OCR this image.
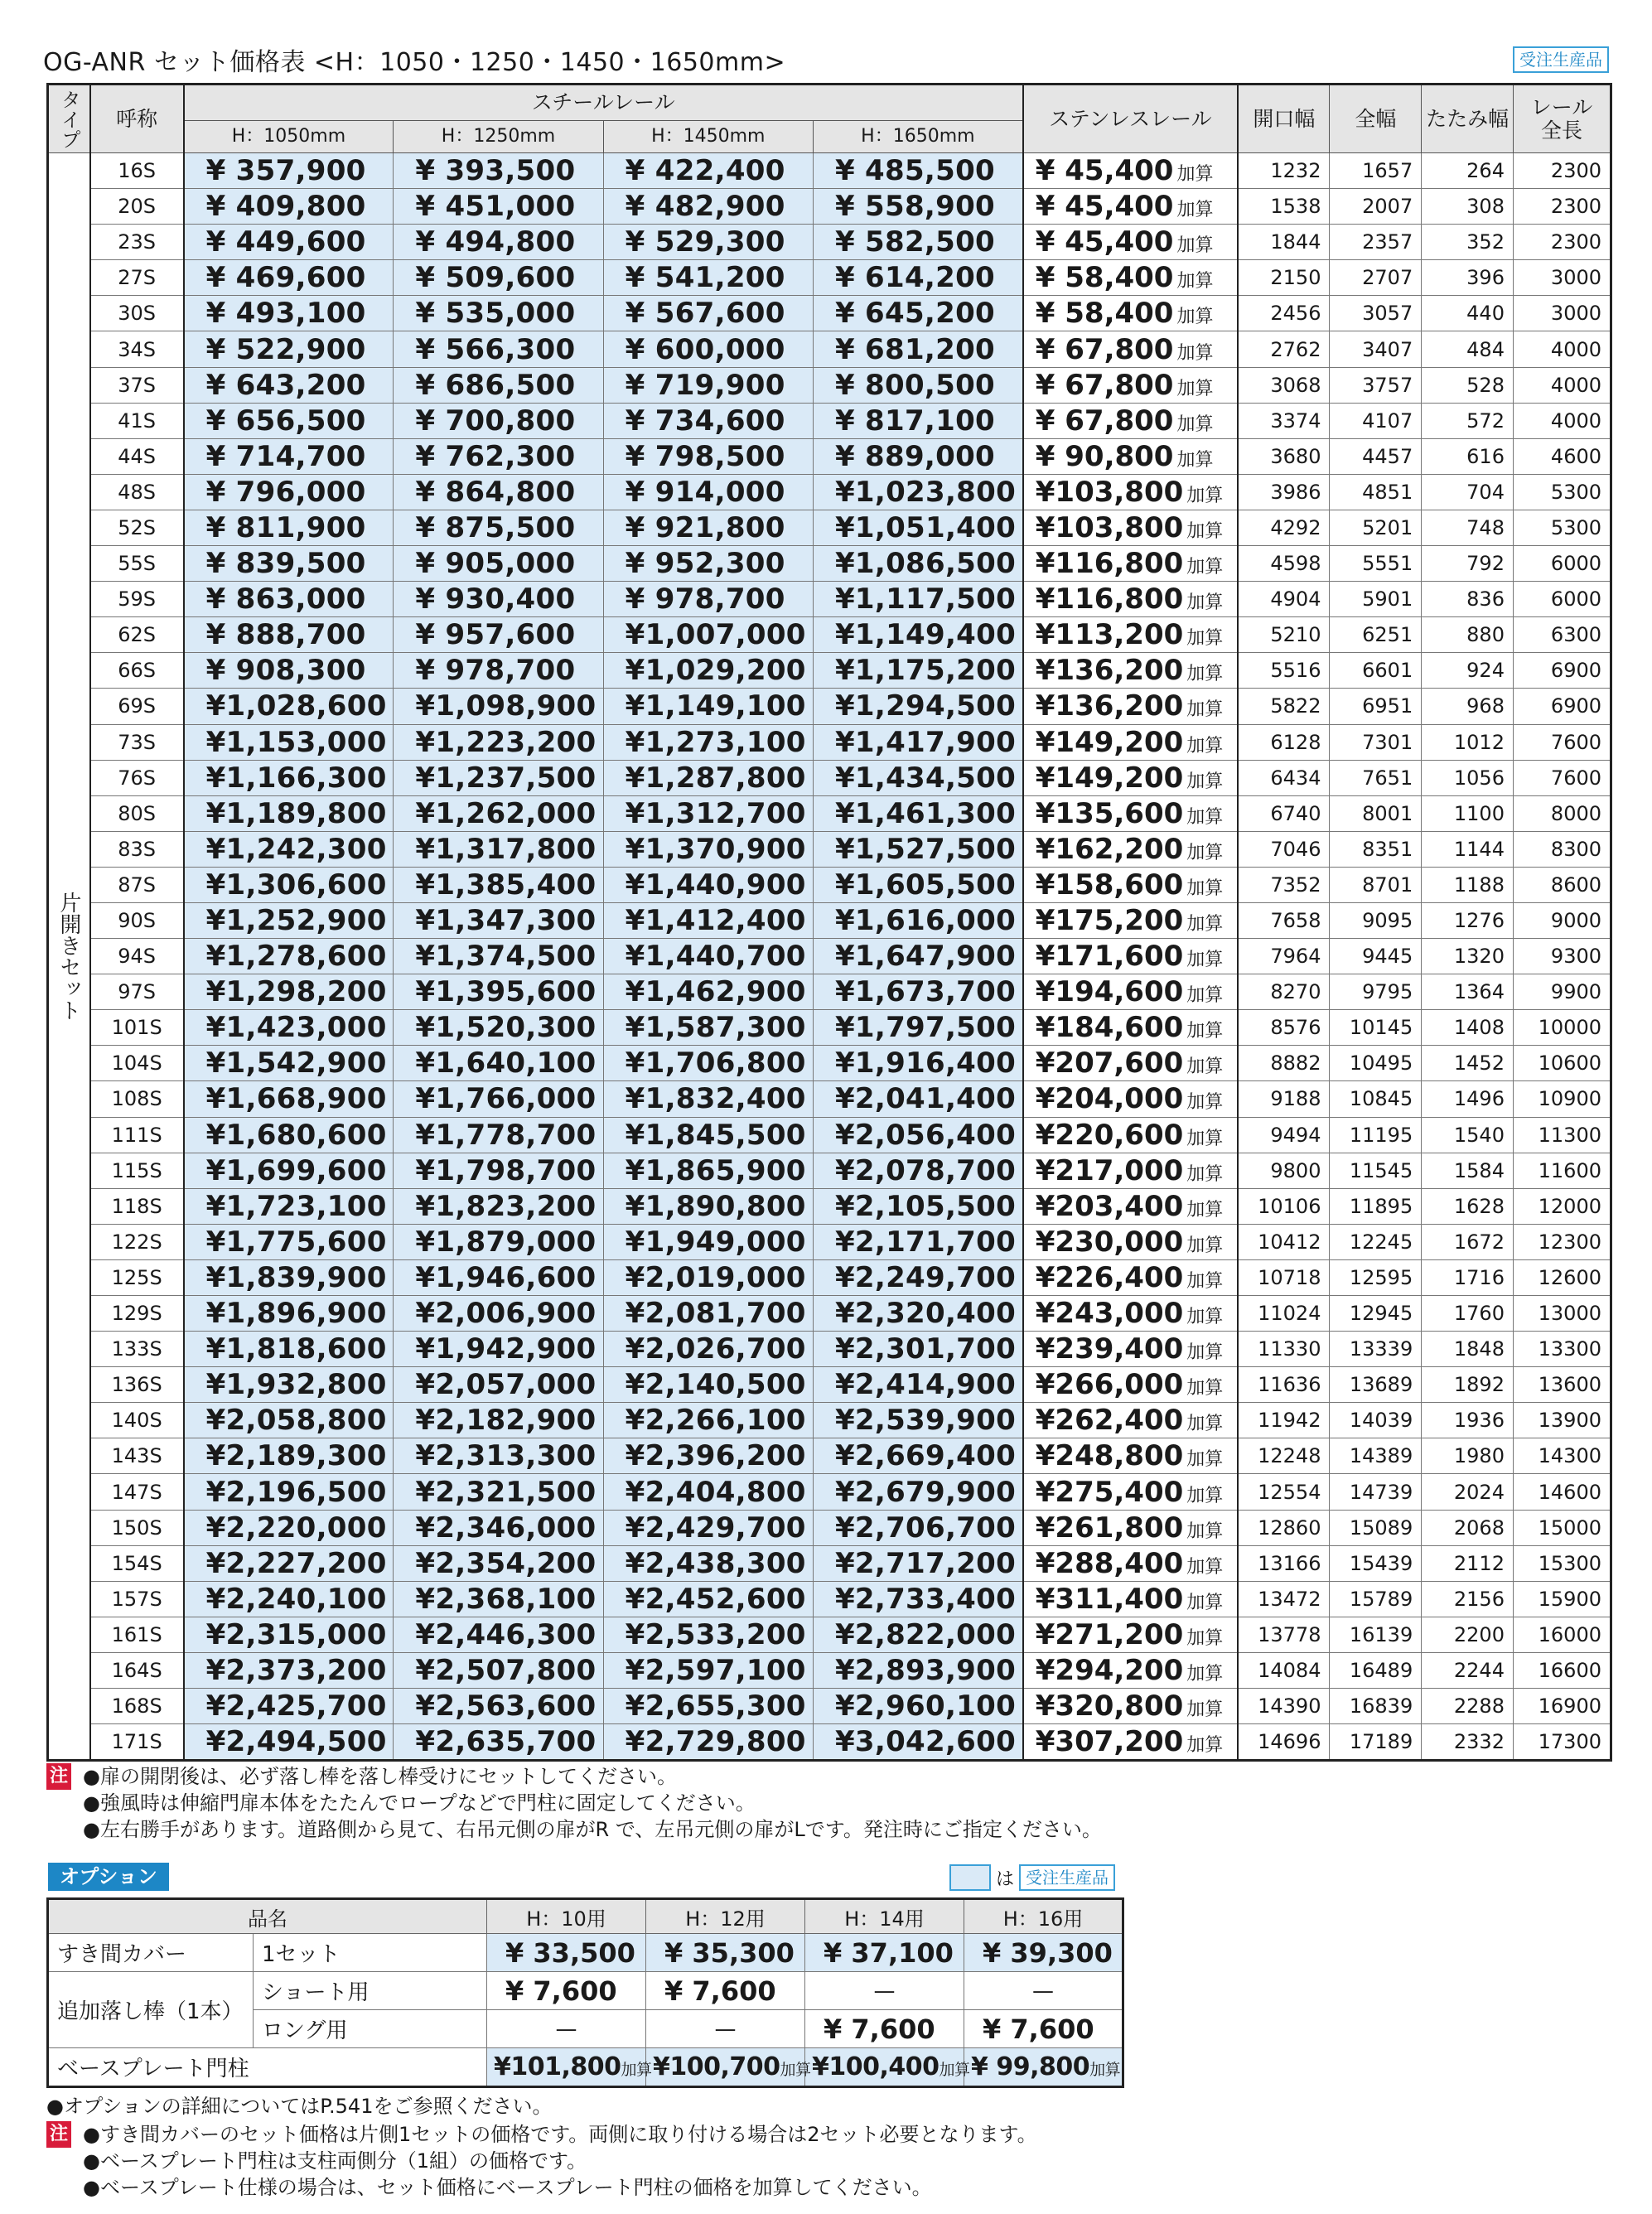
OG-ANR セット価格表 <H：1050・1250・1450・1650mm>	受注生産品
タイプ	呼称	スチールレール				ステンレスレール	開口幅	全幅	たたみ幅	レール
全長
		H：1050mm	H：1250mm	H：1450mm	H：1650mm					
片開きセット	16S	¥ 357,900	¥ 393,500	¥ 422,400	¥ 485,500	¥ 45,400 加算	1232	1657	264	2300
	20S	¥ 409,800	¥ 451,000	¥ 482,900	¥ 558,900	¥ 45,400 加算	1538	2007	308	2300
	23S	¥ 449,600	¥ 494,800	¥ 529,300	¥ 582,500	¥ 45,400 加算	1844	2357	352	2300
	27S	¥ 469,600	¥ 509,600	¥ 541,200	¥ 614,200	¥ 58,400 加算	2150	2707	396	3000
	30S	¥ 493,100	¥ 535,000	¥ 567,600	¥ 645,200	¥ 58,400 加算	2456	3057	440	3000
	34S	¥ 522,900	¥ 566,300	¥ 600,000	¥ 681,200	¥ 67,800 加算	2762	3407	484	4000
	37S	¥ 643,200	¥ 686,500	¥ 719,900	¥ 800,500	¥ 67,800 加算	3068	3757	528	4000
	41S	¥ 656,500	¥ 700,800	¥ 734,600	¥ 817,100	¥ 67,800 加算	3374	4107	572	4000
	44S	¥ 714,700	¥ 762,300	¥ 798,500	¥ 889,000	¥ 90,800 加算	3680	4457	616	4600
	48S	¥ 796,000	¥ 864,800	¥ 914,000	¥1,023,800	¥103,800 加算	3986	4851	704	5300
	52S	¥ 811,900	¥ 875,500	¥ 921,800	¥1,051,400	¥103,800 加算	4292	5201	748	5300
	55S	¥ 839,500	¥ 905,000	¥ 952,300	¥1,086,500	¥116,800 加算	4598	5551	792	6000
	59S	¥ 863,000	¥ 930,400	¥ 978,700	¥1,117,500	¥116,800 加算	4904	5901	836	6000
	62S	¥ 888,700	¥ 957,600	¥1,007,000	¥1,149,400	¥113,200 加算	5210	6251	880	6300
	66S	¥ 908,300	¥ 978,700	¥1,029,200	¥1,175,200	¥136,200 加算	5516	6601	924	6900
	69S	¥1,028,600	¥1,098,900	¥1,149,100	¥1,294,500	¥136,200 加算	5822	6951	968	6900
	73S	¥1,153,000	¥1,223,200	¥1,273,100	¥1,417,900	¥149,200 加算	6128	7301	1012	7600
	76S	¥1,166,300	¥1,237,500	¥1,287,800	¥1,434,500	¥149,200 加算	6434	7651	1056	7600
	80S	¥1,189,800	¥1,262,000	¥1,312,700	¥1,461,300	¥135,600 加算	6740	8001	1100	8000
	83S	¥1,242,300	¥1,317,800	¥1,370,900	¥1,527,500	¥162,200 加算	7046	8351	1144	8300
	87S	¥1,306,600	¥1,385,400	¥1,440,900	¥1,605,500	¥158,600 加算	7352	8701	1188	8600
	90S	¥1,252,900	¥1,347,300	¥1,412,400	¥1,616,000	¥175,200 加算	7658	9095	1276	9000
	94S	¥1,278,600	¥1,374,500	¥1,440,700	¥1,647,900	¥171,600 加算	7964	9445	1320	9300
	97S	¥1,298,200	¥1,395,600	¥1,462,900	¥1,673,700	¥194,600 加算	8270	9795	1364	9900
	101S	¥1,423,000	¥1,520,300	¥1,587,300	¥1,797,500	¥184,600 加算	8576	10145	1408	10000
	104S	¥1,542,900	¥1,640,100	¥1,706,800	¥1,916,400	¥207,600 加算	8882	10495	1452	10600
	108S	¥1,668,900	¥1,766,000	¥1,832,400	¥2,041,400	¥204,000 加算	9188	10845	1496	10900
	111S	¥1,680,600	¥1,778,700	¥1,845,500	¥2,056,400	¥220,600 加算	9494	11195	1540	11300
	115S	¥1,699,600	¥1,798,700	¥1,865,900	¥2,078,700	¥217,000 加算	9800	11545	1584	11600
	118S	¥1,723,100	¥1,823,200	¥1,890,800	¥2,105,500	¥203,400 加算	10106	11895	1628	12000
	122S	¥1,775,600	¥1,879,000	¥1,949,000	¥2,171,700	¥230,000 加算	10412	12245	1672	12300
	125S	¥1,839,900	¥1,946,600	¥2,019,000	¥2,249,700	¥226,400 加算	10718	12595	1716	12600
	129S	¥1,896,900	¥2,006,900	¥2,081,700	¥2,320,400	¥243,000 加算	11024	12945	1760	13000
	133S	¥1,818,600	¥1,942,900	¥2,026,700	¥2,301,700	¥239,400 加算	11330	13339	1848	13300
	136S	¥1,932,800	¥2,057,000	¥2,140,500	¥2,414,900	¥266,000 加算	11636	13689	1892	13600
	140S	¥2,058,800	¥2,182,900	¥2,266,100	¥2,539,900	¥262,400 加算	11942	14039	1936	13900
	143S	¥2,189,300	¥2,313,300	¥2,396,200	¥2,669,400	¥248,800 加算	12248	14389	1980	14300
	147S	¥2,196,500	¥2,321,500	¥2,404,800	¥2,679,900	¥275,400 加算	12554	14739	2024	14600
	150S	¥2,220,000	¥2,346,000	¥2,429,700	¥2,706,700	¥261,800 加算	12860	15089	2068	15000
	154S	¥2,227,200	¥2,354,200	¥2,438,300	¥2,717,200	¥288,400 加算	13166	15439	2112	15300
	157S	¥2,240,100	¥2,368,100	¥2,452,600	¥2,733,400	¥311,400 加算	13472	15789	2156	15900
	161S	¥2,315,000	¥2,446,300	¥2,533,200	¥2,822,000	¥271,200 加算	13778	16139	2200	16000
	164S	¥2,373,200	¥2,507,800	¥2,597,100	¥2,893,900	¥294,200 加算	14084	16489	2244	16600
	168S	¥2,425,700	¥2,563,600	¥2,655,300	¥2,960,100	¥320,800 加算	14390	16839	2288	16900
	171S	¥2,494,500	¥2,635,700	¥2,729,800	¥3,042,600	¥307,200 加算	14696	17189	2332	17300
注 ●扉の開閉後は、必ず落し棒を落し棒受けにセットしてください。
●強風時は伸縮門扉本体をたたんでロープなどで門柱に固定してください。
●左右勝手があります。道路側から見て、右吊元側の扉がR で、左吊元側の扉がLです。発注時にご指定ください。
オプション	は 受注生産品
品名		H：10用	H：12用	H：14用	H：16用
すき間カバー	1セット	¥ 33,500	¥ 35,300	¥ 37,100	¥ 39,300
追加落し棒（1本）	ショート用	¥ 7,600	¥ 7,600	—	—
	ロング用	—	—	¥ 7,600	¥ 7,600
ベースプレート門柱		¥101,800加算	¥100,700加算	¥100,400加算	¥ 99,800加算
●オプションの詳細についてはP.541をご参照ください。
注 ●すき間カバーのセット価格は片側1セットの価格です。両側に取り付ける場合は2セット必要となります。
●ベースプレート門柱は支柱両側分（1組）の価格です。
●ベースプレート仕様の場合は、セット価格にベースプレート門柱の価格を加算してください。
